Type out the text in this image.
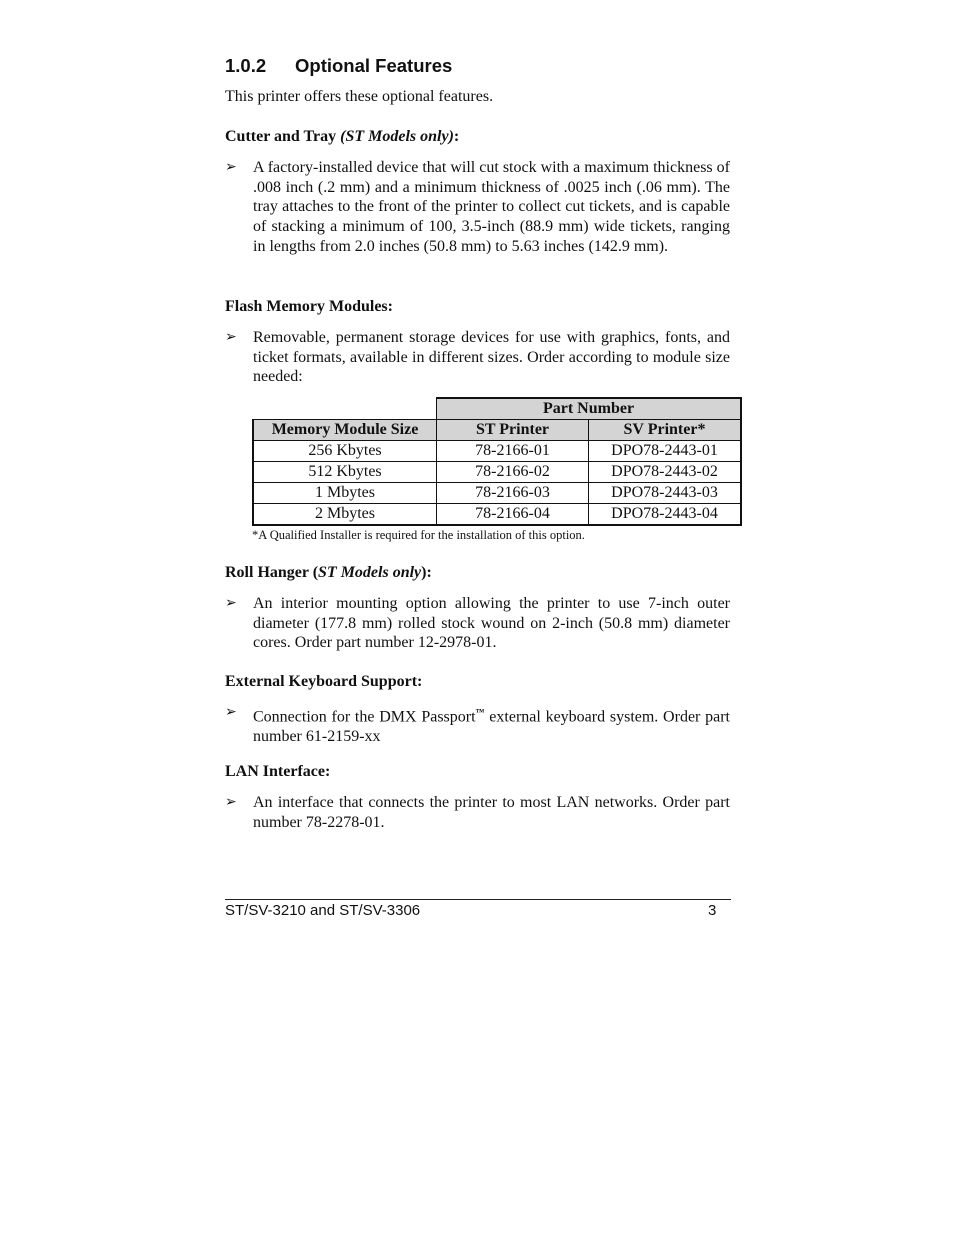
1.0.2 Optional Features
This printer offers these optional features.
Cutter and Tray (ST Models only):
➢ A factory-installed device that will cut stock with a maximum thickness of .008 inch (.2 mm) and a minimum thickness of .0025 inch (.06 mm). The tray attaches to the front of the printer to collect cut tickets, and is capable of stacking a minimum of 100, 3.5-inch (88.9 mm) wide tickets, ranging in lengths from 2.0 inches (50.8 mm) to 5.63 inches (142.9 mm).
Flash Memory Modules:
➢ Removable, permanent storage devices for use with graphics, fonts, and ticket formats, available in different sizes. Order according to module size needed:
	Part Number	
Memory Module Size	ST Printer	SV Printer*
256 Kbytes	78-2166-01	DPO78-2443-01
512 Kbytes	78-2166-02	DPO78-2443-02
1 Mbytes	78-2166-03	DPO78-2443-03
2 Mbytes	78-2166-04	DPO78-2443-04
*A Qualified Installer is required for the installation of this option.
Roll Hanger (ST Models only):
➢ An interior mounting option allowing the printer to use 7-inch outer diameter (177.8 mm) rolled stock wound on 2-inch (50.8 mm) diameter cores. Order part number 12-2978-01.
External Keyboard Support:
➢ Connection for the DMX Passport™ external keyboard system. Order part number 61-2159-xx
LAN Interface:
➢ An interface that connects the printer to most LAN networks. Order part number 78-2278-01.
ST/SV-3210 and ST/SV-3306	3
